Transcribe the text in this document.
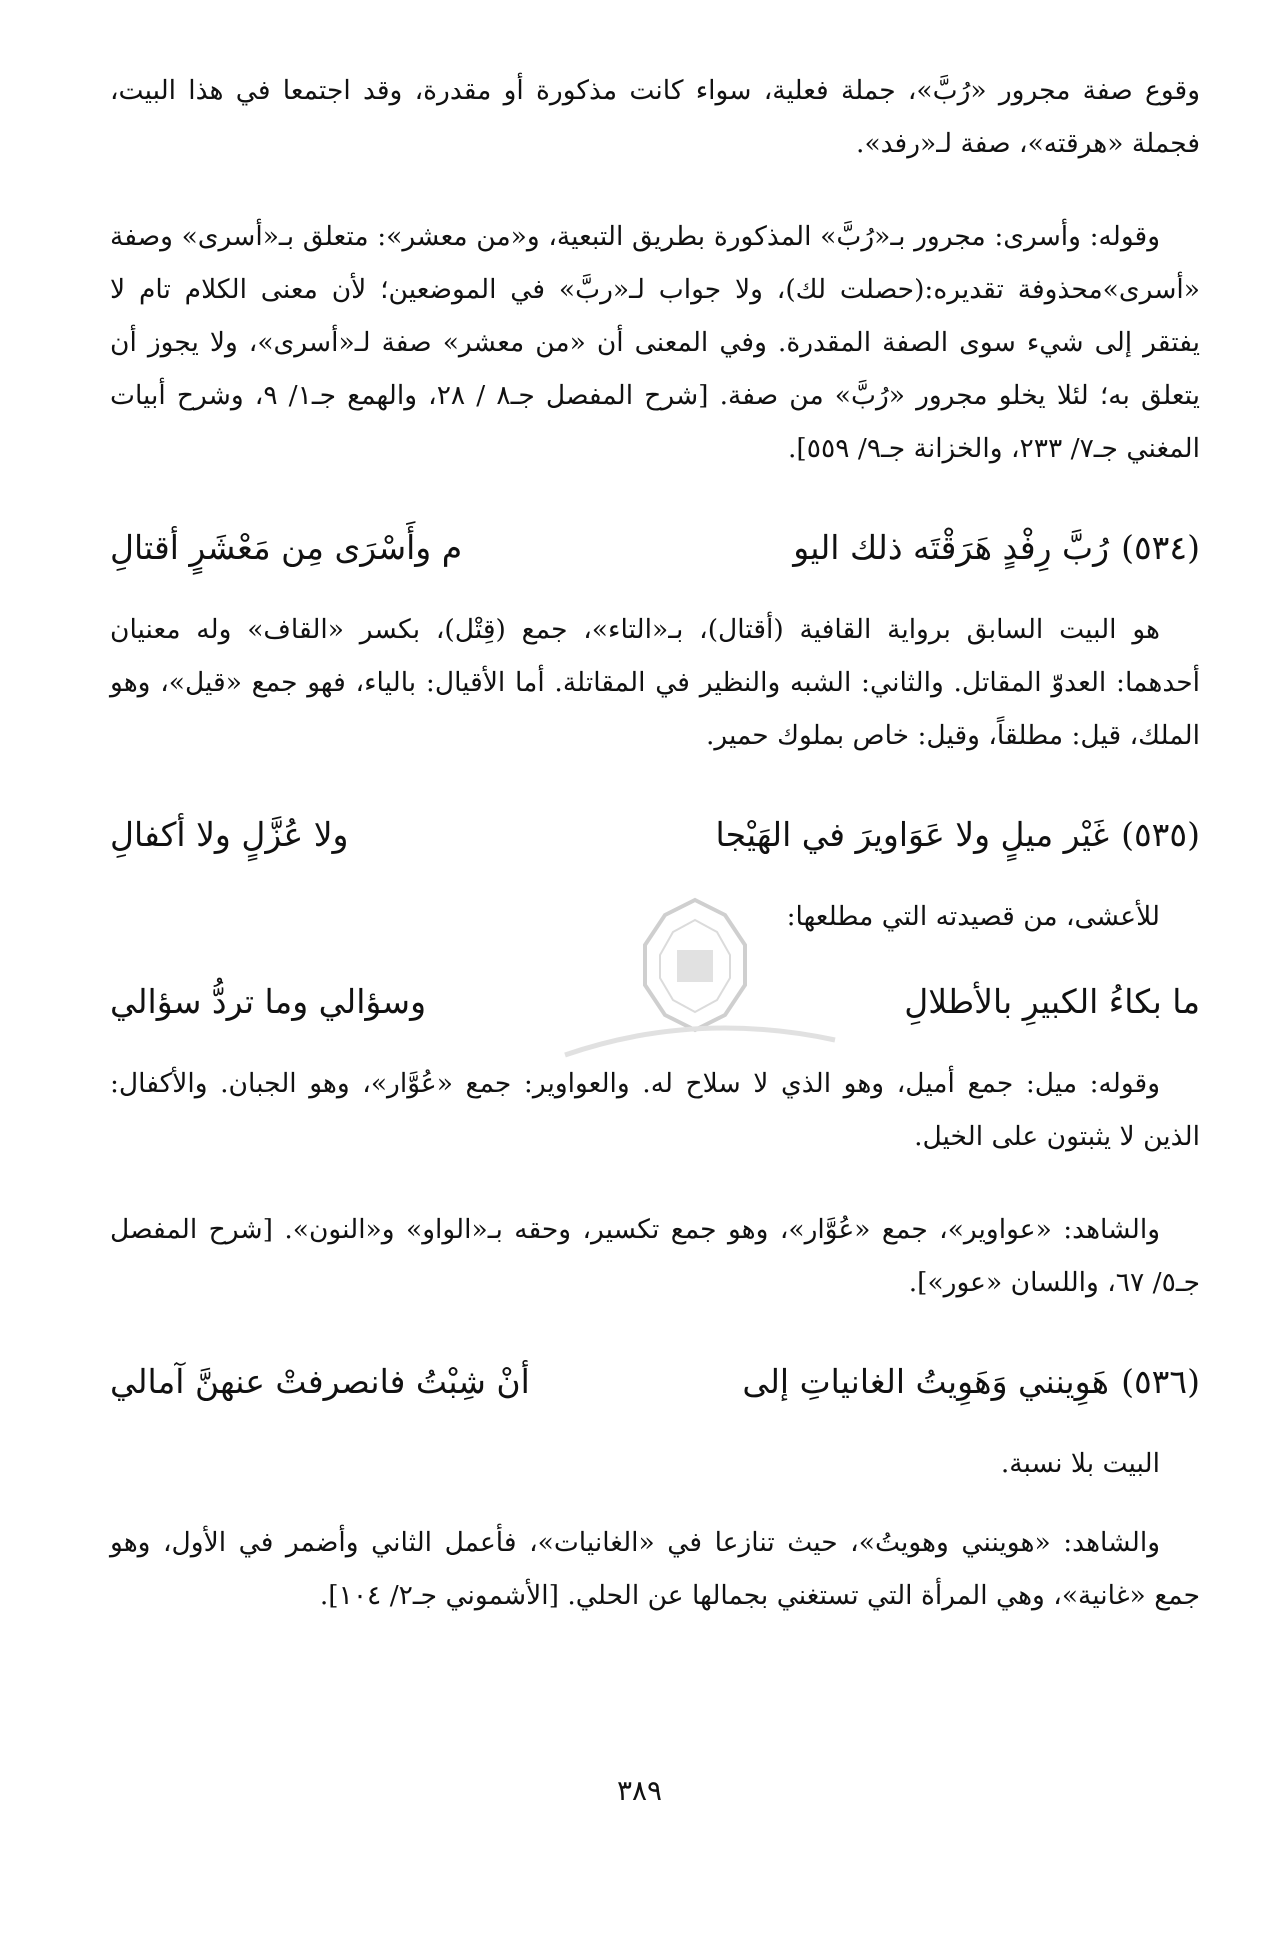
وقوع صفة مجرور «رُبَّ»، جملة فعلية، سواء كانت مذكورة أو مقدرة، وقد اجتمعا في هذا البيت، فجملة «هرقته»، صفة لـ«رفد».

وقوله: وأسرى: مجرور بـ«رُبَّ» المذكورة بطريق التبعية، و«من معشر»: متعلق بـ«أسرى» وصفة «أسرى»محذوفة تقديره:(حصلت لك)، ولا جواب لـ«ربَّ» في الموضعين؛ لأن معنى الكلام تام لا يفتقر إلى شيء سوى الصفة المقدرة. وفي المعنى أن «من معشر» صفة لـ«أسرى»، ولا يجوز أن يتعلق به؛ لئلا يخلو مجرور «رُبَّ» من صفة. [شرح المفصل جـ٨ / ٢٨، والهمع جـ١/ ٩، وشرح أبيات المغني جـ٧/ ٢٣٣، والخزانة جـ٩/ ٥٥٩].

(٥٣٤)
رُبَّ رِفْدٍ هَرَقْتَه ذلك اليو
م وأَسْرَى مِن مَعْشَرٍ أقتالِ

هو البيت السابق برواية القافية (أقتال)، بـ«التاء»، جمع (قِتْل)، بكسر «القاف» وله معنيان أحدهما: العدوّ المقاتل. والثاني: الشبه والنظير في المقاتلة. أما الأقيال: بالياء، فهو جمع «قيل»، وهو الملك، قيل: مطلقاً، وقيل: خاص بملوك حمير.

(٥٣٥)
غَيْر ميلٍ ولا عَوَاويرَ في الهَيْجا
ولا عُزَّلٍ ولا أكفالِ

للأعشى، من قصيدته التي مطلعها:

ما بكاءُ الكبيرِ بالأطلالِ
وسؤالي وما تردُّ سؤالي

وقوله: ميل: جمع أميل، وهو الذي لا سلاح له. والعواوير: جمع «عُوَّار»، وهو الجبان. والأكفال: الذين لا يثبتون على الخيل.

والشاهد: «عواوير»، جمع «عُوَّار»، وهو جمع تكسير، وحقه بـ«الواو» و«النون». [شرح المفصل جـ٥/ ٦٧، واللسان «عور»].

(٥٣٦)
هَوِينني وَهَوِيتُ الغانياتِ إلى
أنْ شِبْتُ فانصرفتْ عنهنَّ آمالي

البيت بلا نسبة.

والشاهد: «هوينني وهويتُ»، حيث تنازعا في «الغانيات»، فأعمل الثاني وأضمر في الأول، وهو جمع «غانية»، وهي المرأة التي تستغني بجمالها عن الحلي. [الأشموني جـ٢/ ١٠٤].

٣٨٩
